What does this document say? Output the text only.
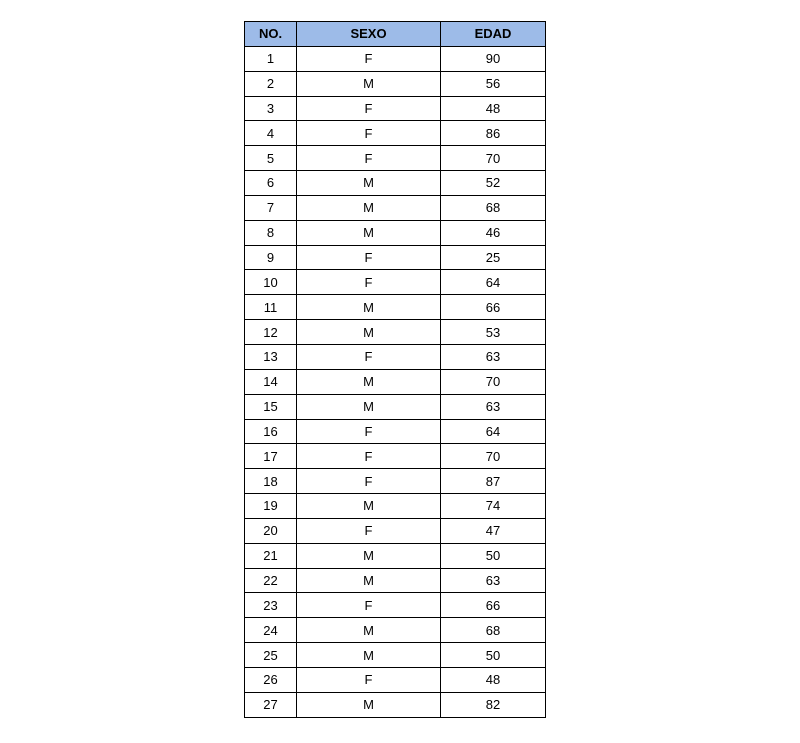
NO.	SEXO	EDAD
1	F	90
2	M	56
3	F	48
4	F	86
5	F	70
6	M	52
7	M	68
8	M	46
9	F	25
10	F	64
11	M	66
12	M	53
13	F	63
14	M	70
15	M	63
16	F	64
17	F	70
18	F	87
19	M	74
20	F	47
21	M	50
22	M	63
23	F	66
24	M	68
25	M	50
26	F	48
27	M	82
